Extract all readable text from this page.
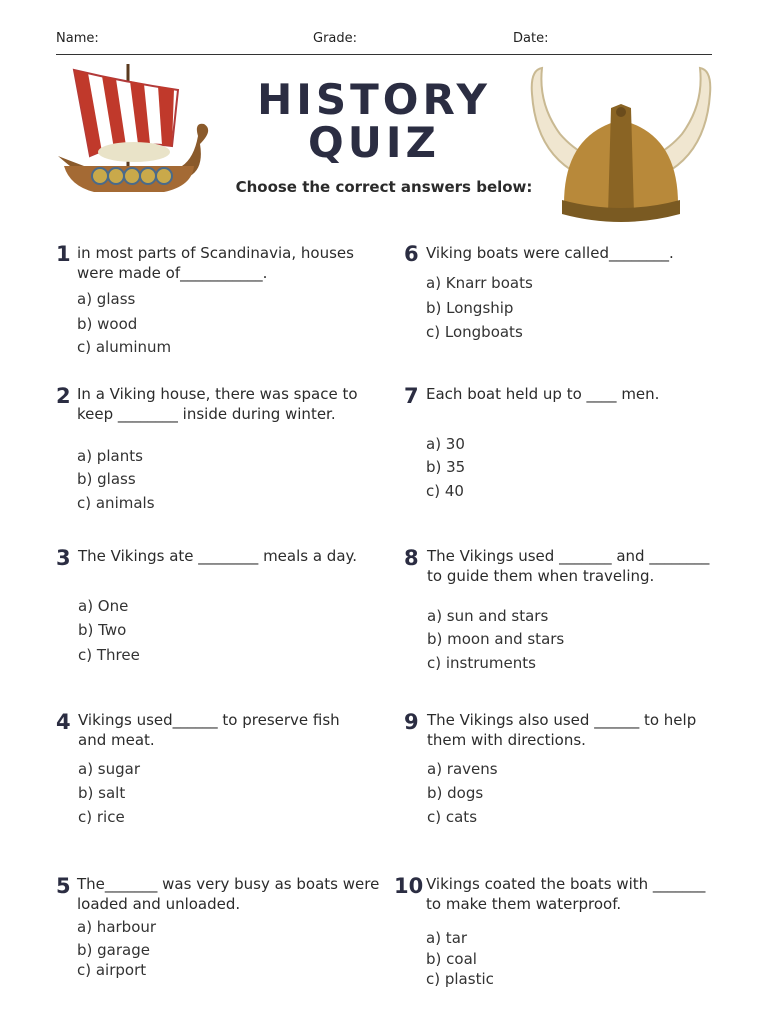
Name:	Grade:	Date:
HISTORY
QUIZ
Choose the correct answers below:
1 in most parts of Scandinavia, houses were made of___________.
a) glass
b) wood
c) aluminum
2 In a Viking house, there was space to keep ________ inside during winter.
a) plants
b) glass
c) animals
3 The Vikings ate ________ meals a day.
a) One
b) Two
c) Three
4 Vikings used______ to preserve fish and meat.
a) sugar
b) salt
c) rice
5 The_______ was very busy as boats were loaded and unloaded.
a) harbour
b) garage
c) airport
6 Viking boats were called________.
a) Knarr boats
b) Longship
c) Longboats
7 Each boat held up to ____ men.
a) 30
b) 35
c) 40
8 The Vikings used _______ and ________ to guide them when traveling.
a) sun and stars
b) moon and stars
c) instruments
9 The Vikings also used ______ to help them with directions.
a) ravens
b) dogs
c) cats
10 Vikings coated the boats with _______ to make them waterproof.
a) tar
b) coal
c) plastic
